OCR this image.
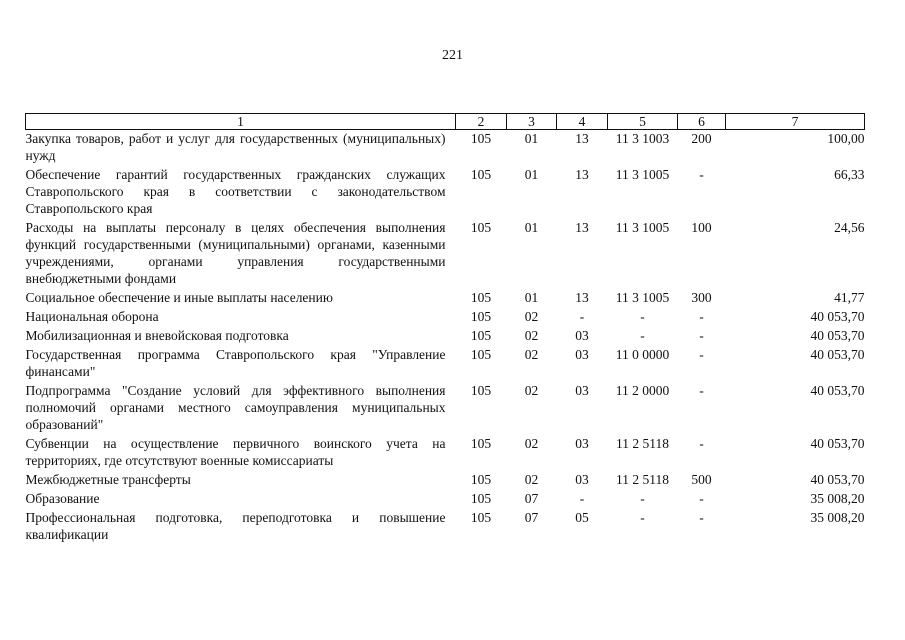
221
1	2	3	4	5	6	7
Закупка товаров, работ и услуг для государственных (муниципальных) нужд	105	01	13	11 3 1003	200	100,00
Обеспечение гарантий государственных гражданских служащих Ставропольского края в соответствии с законодательством Ставропольского края	105	01	13	11 3 1005	-	66,33
Расходы на выплаты персоналу в целях обеспечения выполнения функций государственными (муниципальными) органами, казенными учреждениями, органами управления государственными внебюджетными фондами	105	01	13	11 3 1005	100	24,56
Социальное обеспечение и иные выплаты населению	105	01	13	11 3 1005	300	41,77
Национальная оборона	105	02	-	-	-	40 053,70
Мобилизационная и вневойсковая подготовка	105	02	03	-	-	40 053,70
Государственная программа Ставропольского края "Управление финансами"	105	02	03	11 0 0000	-	40 053,70
Подпрограмма "Создание условий для эффективного выполнения полномочий органами местного самоуправления муниципальных образований"	105	02	03	11 2 0000	-	40 053,70
Субвенции на осуществление первичного воинского учета на территориях, где отсутствуют военные комиссариаты	105	02	03	11 2 5118	-	40 053,70
Межбюджетные трансферты	105	02	03	11 2 5118	500	40 053,70
Образование	105	07	-	-	-	35 008,20
Профессиональная подготовка, переподготовка и повышение квалификации	105	07	05	-	-	35 008,20
